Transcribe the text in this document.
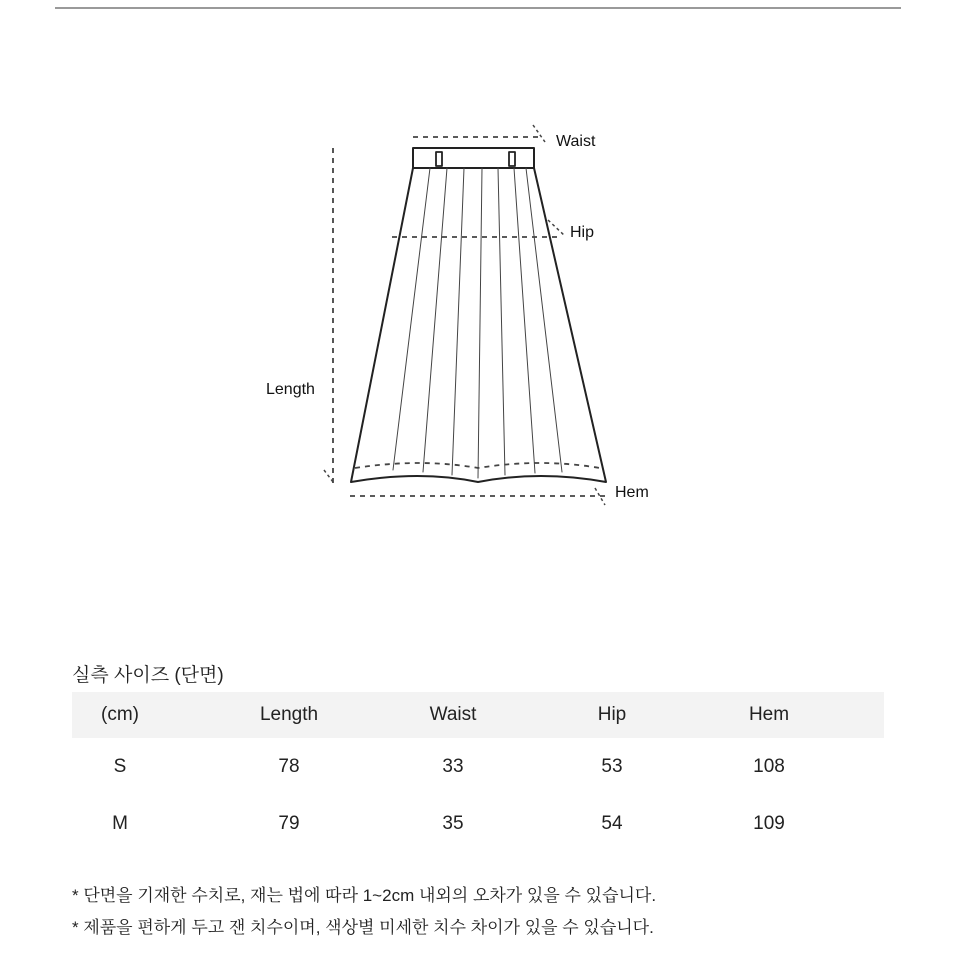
Waist
Hip
Length
Hem
실측 사이즈 (단면)
(cm)	Length	Waist	Hip	Hem	
S	78	33	53	108	
M	79	35	54	109	
* 단면을 기재한 수치로, 재는 법에 따라 1~2cm 내외의 오차가 있을 수 있습니다.
* 제품을 편하게 두고 잰 치수이며, 색상별 미세한 치수 차이가 있을 수 있습니다.
